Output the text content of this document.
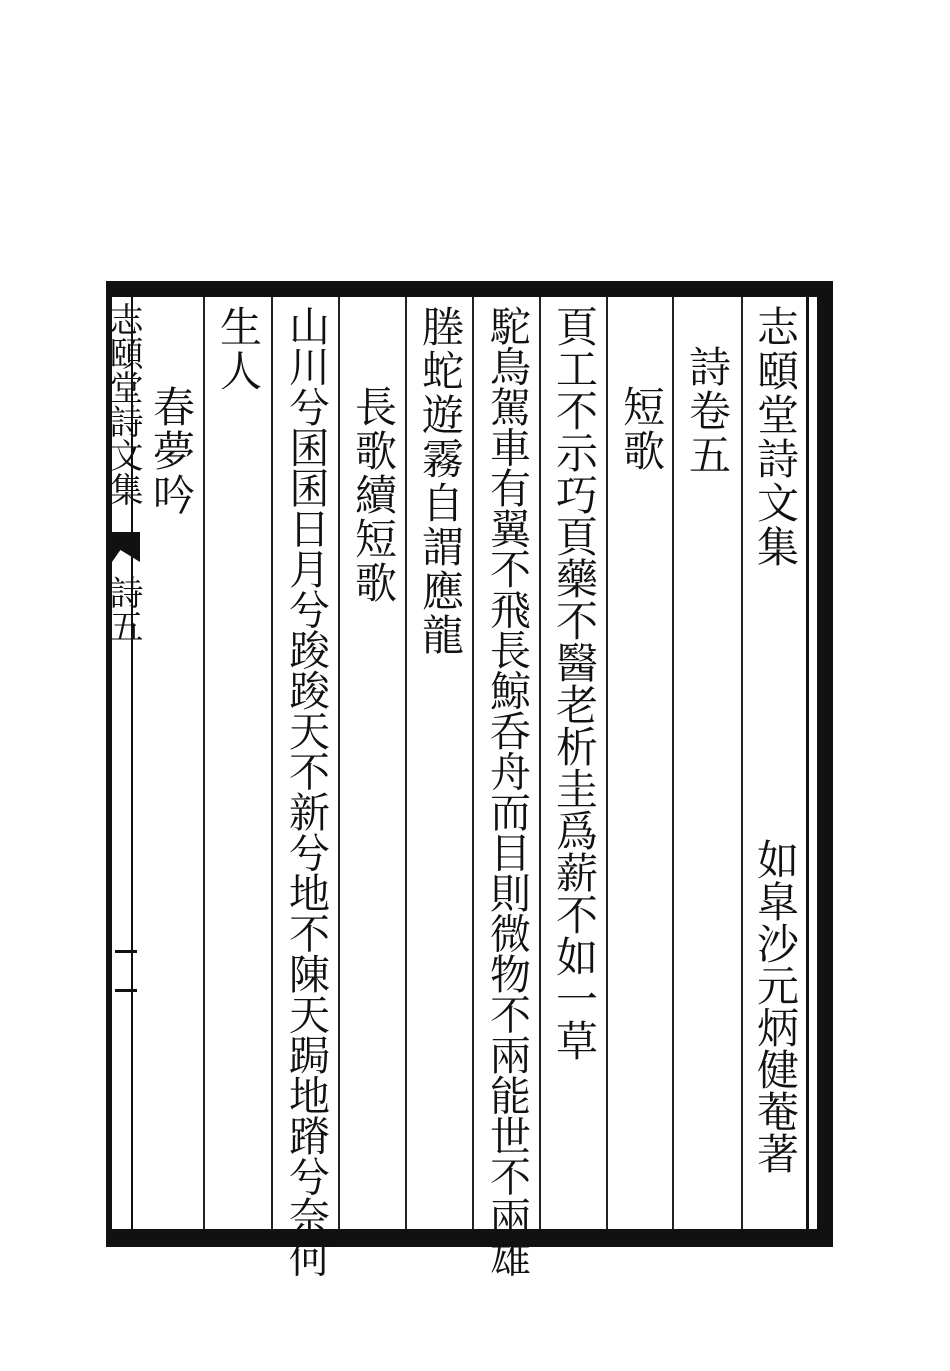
志頤堂詩文集
如皐沙元炳健菴著
詩卷五
短歌
頁工不示巧頁藥不醫老析圭爲薪不如一草
駝鳥駕車有翼不飛長鯨呑舟而目則微物不兩能世不兩雄
塍蛇遊霧自謂應龍
長歌續短歌
山川兮囷囷日月兮踆踆天不新兮地不陳天跼地蹐兮奈何
生人
春夢吟
志頤堂詩文集
詩五
